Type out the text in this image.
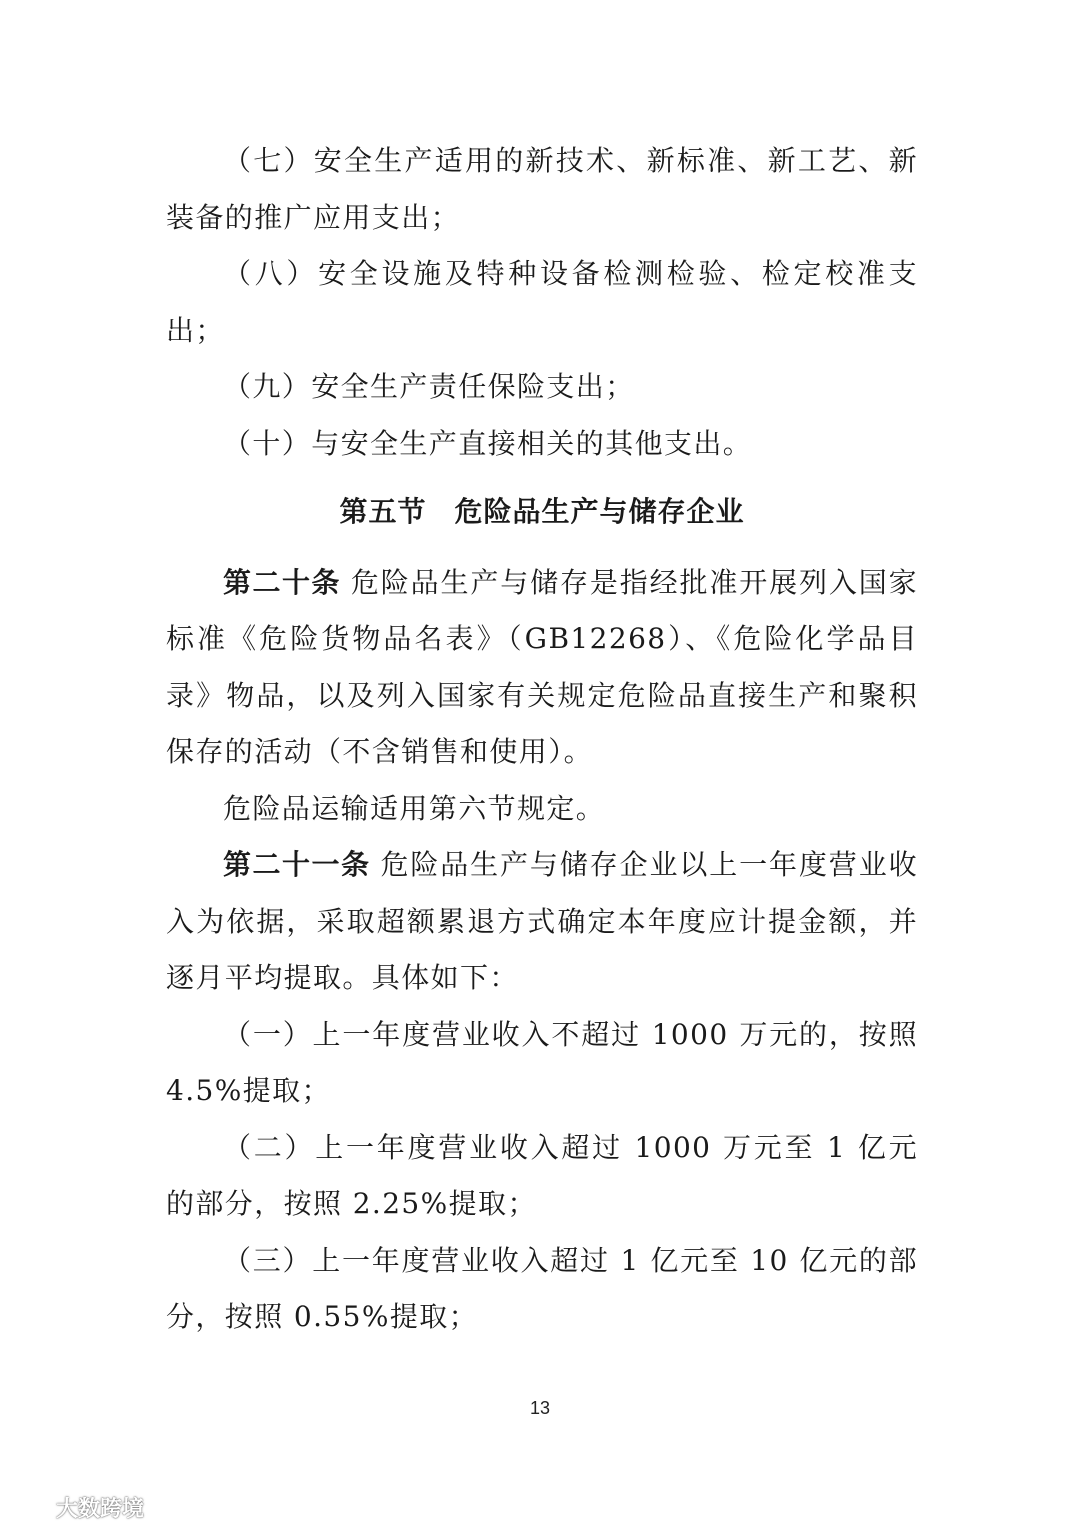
（七）安全生产适用的新技术、新标准、新工艺、新装备的推广应用支出；

（八）安全设施及特种设备检测检验、检定校准支出；

（九）安全生产责任保险支出；

（十）与安全生产直接相关的其他支出。

第五节 危险品生产与储存企业

第二十条 危险品生产与储存是指经批准开展列入国家标准《危险货物品名表》（GB12268）、《危险化学品目录》物品，以及列入国家有关规定危险品直接生产和聚积保存的活动（不含销售和使用）。

危险品运输适用第六节规定。

第二十一条 危险品生产与储存企业以上一年度营业收入为依据，采取超额累退方式确定本年度应计提金额，并逐月平均提取。具体如下：

（一）上一年度营业收入不超过 1000 万元的，按照 4.5%提取；

（二）上一年度营业收入超过 1000 万元至 1 亿元的部分，按照 2.25%提取；

（三）上一年度营业收入超过 1 亿元至 10 亿元的部分，按照 0.55%提取；

13
大数跨境
